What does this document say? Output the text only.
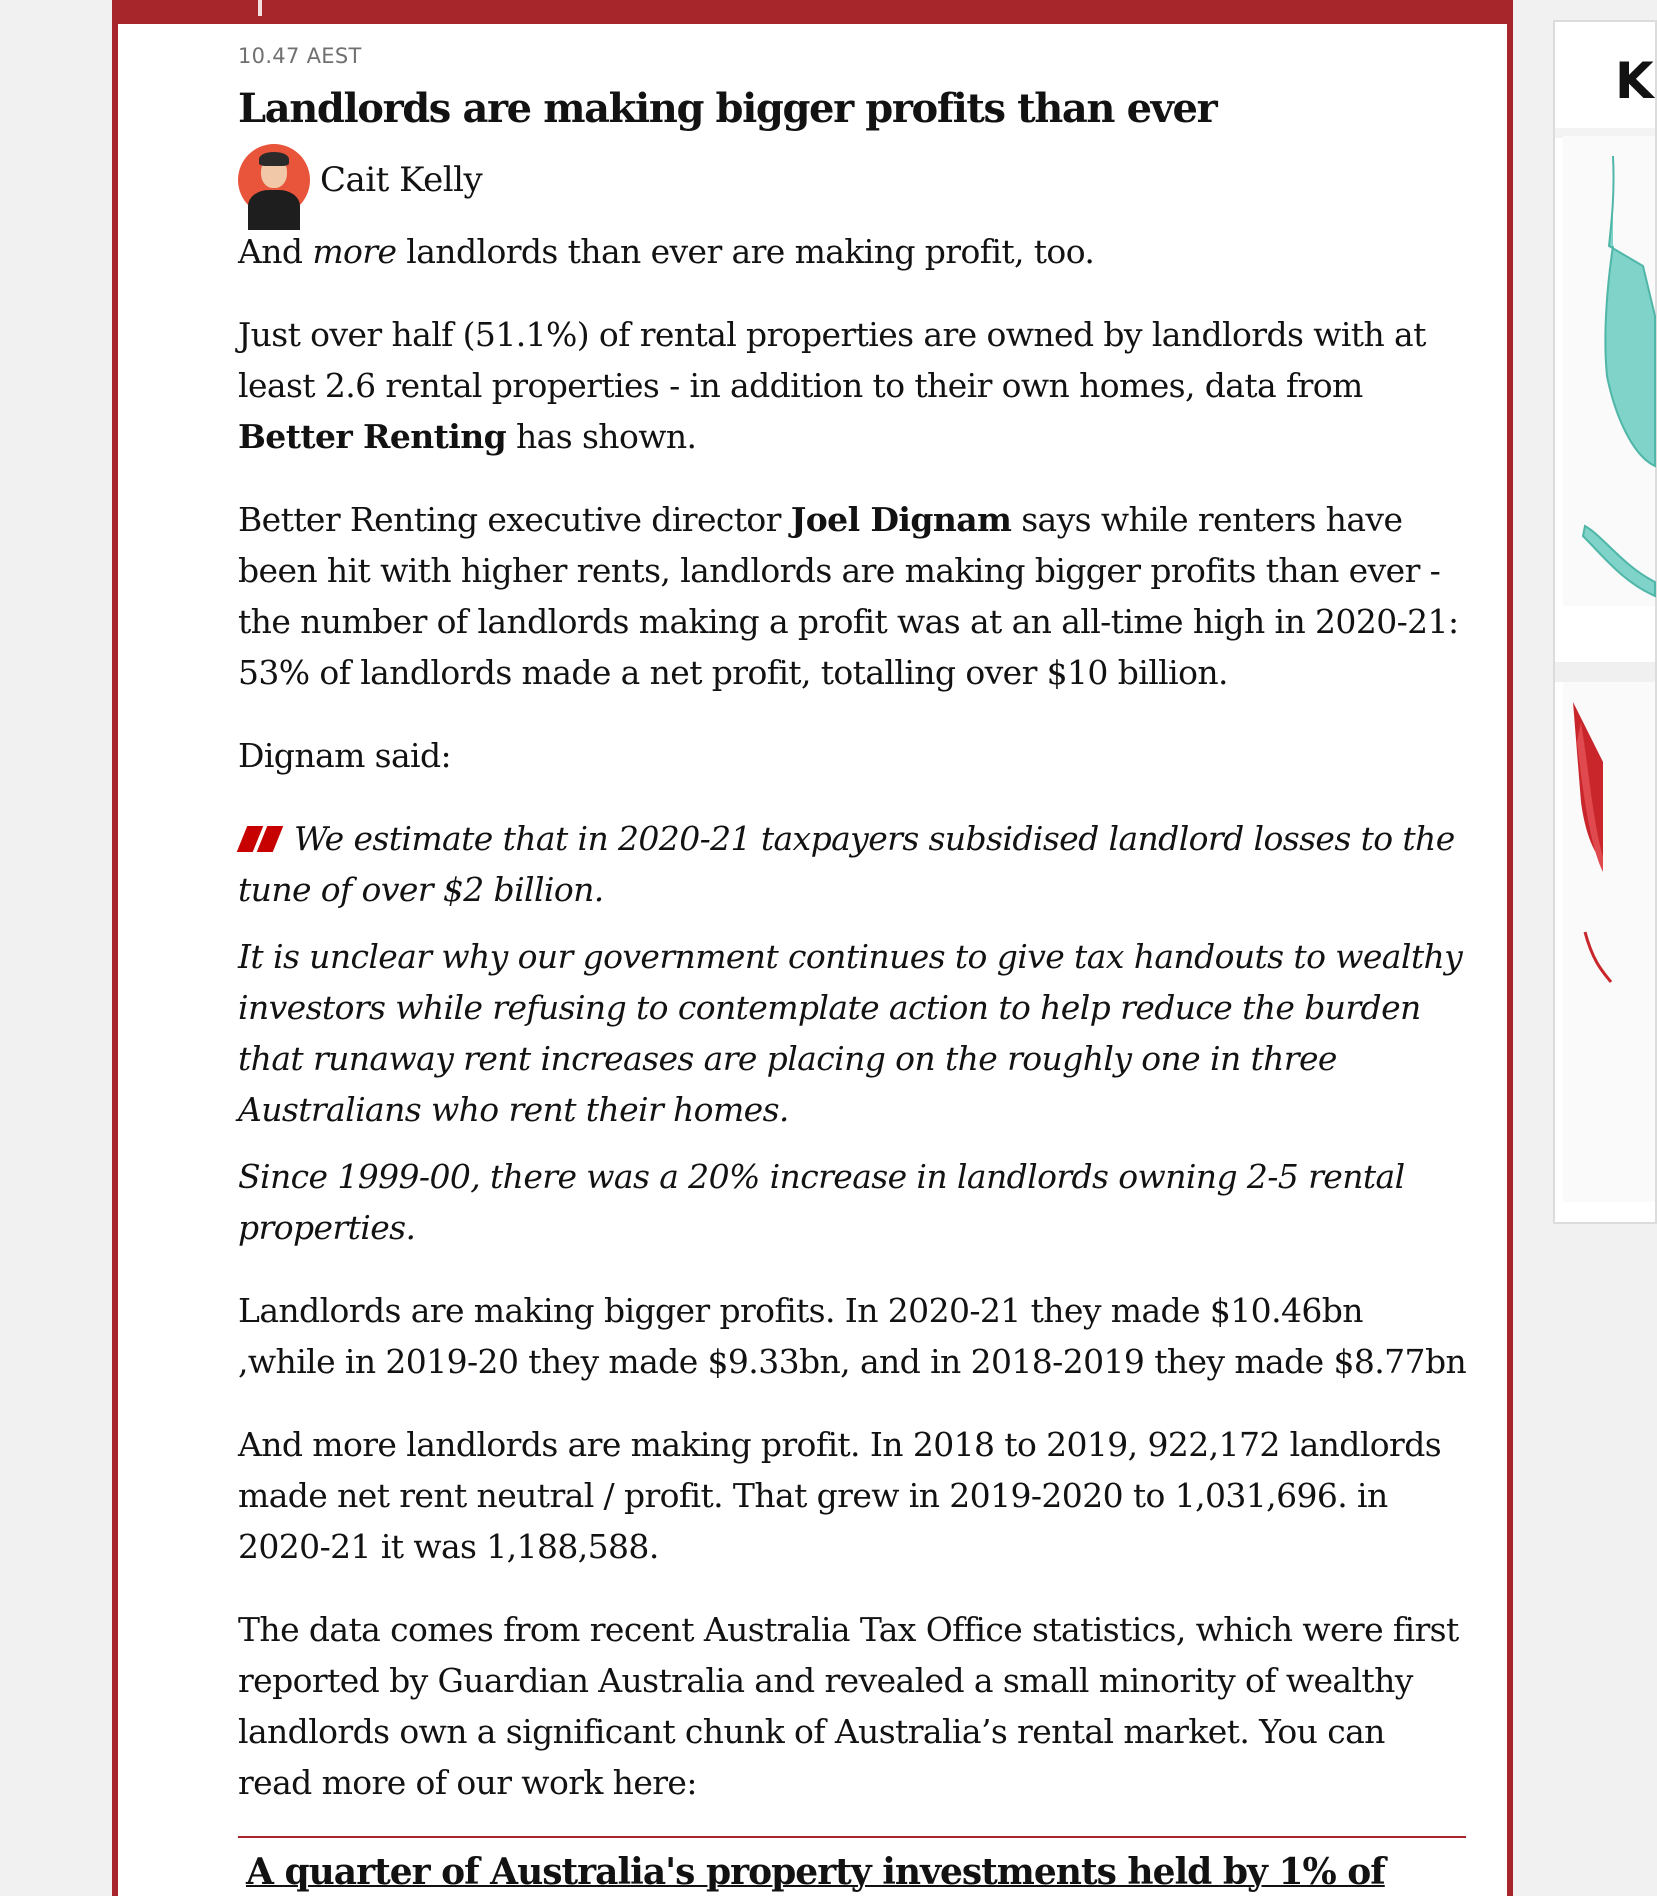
10.47 AEST
Landlords are making bigger profits than ever
Cait Kelly

And more landlords than ever are making profit, too.

Just over half (51.1%) of rental properties are owned by landlords with at least 2.6 rental properties - in addition to their own homes, data from Better Renting has shown.

Better Renting executive director Joel Dignam says while renters have been hit with higher rents, landlords are making bigger profits than ever - the number of landlords making a profit was at an all-time high in 2020-21: 53% of landlords made a net profit, totalling over $10 billion.

Dignam said:

We estimate that in 2020-21 taxpayers subsidised landlord losses to the tune of over $2 billion.

It is unclear why our government continues to give tax handouts to wealthy investors while refusing to contemplate action to help reduce the burden that runaway rent increases are placing on the roughly one in three Australians who rent their homes.

Since 1999-00, there was a 20% increase in landlords owning 2-5 rental properties.

Landlords are making bigger profits. In 2020-21 they made $10.46bn ,while in 2019-20 they made $9.33bn, and in 2018-2019 they made $8.77bn

And more landlords are making profit. In 2018 to 2019, 922,172 landlords made net rent neutral / profit. That grew in 2019-2020 to 1,031,696. in 2020-21 it was 1,188,588.

The data comes from recent Australia Tax Office statistics, which were first reported by Guardian Australia and revealed a small minority of wealthy landlords own a significant chunk of Australia’s rental market. You can read more of our work here:

A quarter of Australia's property investments held by 1% of
K
